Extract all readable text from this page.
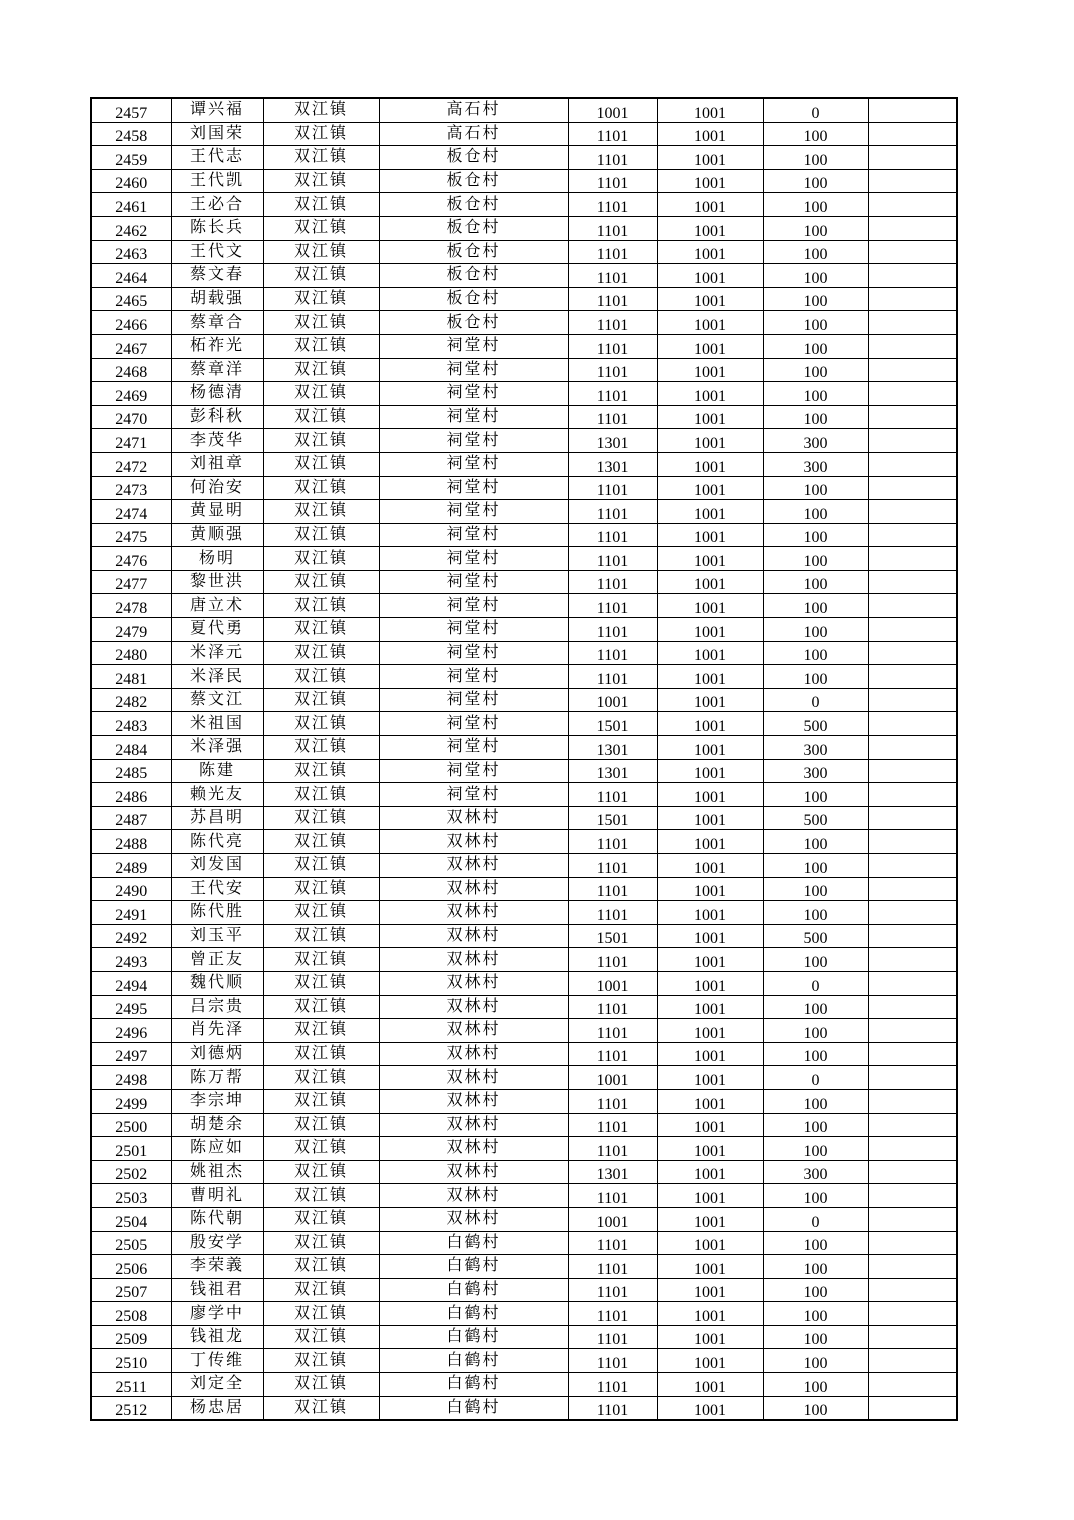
2457	谭兴福	双江镇	高石村	1001	1001	0	
2458	刘国荣	双江镇	高石村	1101	1001	100	
2459	王代志	双江镇	板仓村	1101	1001	100	
2460	王代凯	双江镇	板仓村	1101	1001	100	
2461	王必合	双江镇	板仓村	1101	1001	100	
2462	陈长兵	双江镇	板仓村	1101	1001	100	
2463	王代文	双江镇	板仓村	1101	1001	100	
2464	蔡文春	双江镇	板仓村	1101	1001	100	
2465	胡载强	双江镇	板仓村	1101	1001	100	
2466	蔡章合	双江镇	板仓村	1101	1001	100	
2467	柘祚光	双江镇	祠堂村	1101	1001	100	
2468	蔡章洋	双江镇	祠堂村	1101	1001	100	
2469	杨德清	双江镇	祠堂村	1101	1001	100	
2470	彭科秋	双江镇	祠堂村	1101	1001	100	
2471	李茂华	双江镇	祠堂村	1301	1001	300	
2472	刘祖章	双江镇	祠堂村	1301	1001	300	
2473	何治安	双江镇	祠堂村	1101	1001	100	
2474	黄显明	双江镇	祠堂村	1101	1001	100	
2475	黄顺强	双江镇	祠堂村	1101	1001	100	
2476	杨明	双江镇	祠堂村	1101	1001	100	
2477	黎世洪	双江镇	祠堂村	1101	1001	100	
2478	唐立术	双江镇	祠堂村	1101	1001	100	
2479	夏代勇	双江镇	祠堂村	1101	1001	100	
2480	米泽元	双江镇	祠堂村	1101	1001	100	
2481	米泽民	双江镇	祠堂村	1101	1001	100	
2482	蔡文江	双江镇	祠堂村	1001	1001	0	
2483	米祖国	双江镇	祠堂村	1501	1001	500	
2484	米泽强	双江镇	祠堂村	1301	1001	300	
2485	陈建	双江镇	祠堂村	1301	1001	300	
2486	赖光友	双江镇	祠堂村	1101	1001	100	
2487	苏昌明	双江镇	双林村	1501	1001	500	
2488	陈代亮	双江镇	双林村	1101	1001	100	
2489	刘发国	双江镇	双林村	1101	1001	100	
2490	王代安	双江镇	双林村	1101	1001	100	
2491	陈代胜	双江镇	双林村	1101	1001	100	
2492	刘玉平	双江镇	双林村	1501	1001	500	
2493	曾正友	双江镇	双林村	1101	1001	100	
2494	魏代顺	双江镇	双林村	1001	1001	0	
2495	吕宗贵	双江镇	双林村	1101	1001	100	
2496	肖先泽	双江镇	双林村	1101	1001	100	
2497	刘德炳	双江镇	双林村	1101	1001	100	
2498	陈万帮	双江镇	双林村	1001	1001	0	
2499	李宗坤	双江镇	双林村	1101	1001	100	
2500	胡楚余	双江镇	双林村	1101	1001	100	
2501	陈应如	双江镇	双林村	1101	1001	100	
2502	姚祖杰	双江镇	双林村	1301	1001	300	
2503	曹明礼	双江镇	双林村	1101	1001	100	
2504	陈代朝	双江镇	双林村	1001	1001	0	
2505	殷安学	双江镇	白鹤村	1101	1001	100	
2506	李荣義	双江镇	白鹤村	1101	1001	100	
2507	钱祖君	双江镇	白鹤村	1101	1001	100	
2508	廖学中	双江镇	白鹤村	1101	1001	100	
2509	钱祖龙	双江镇	白鹤村	1101	1001	100	
2510	丁传维	双江镇	白鹤村	1101	1001	100	
2511	刘定全	双江镇	白鹤村	1101	1001	100	
2512	杨忠居	双江镇	白鹤村	1101	1001	100	
